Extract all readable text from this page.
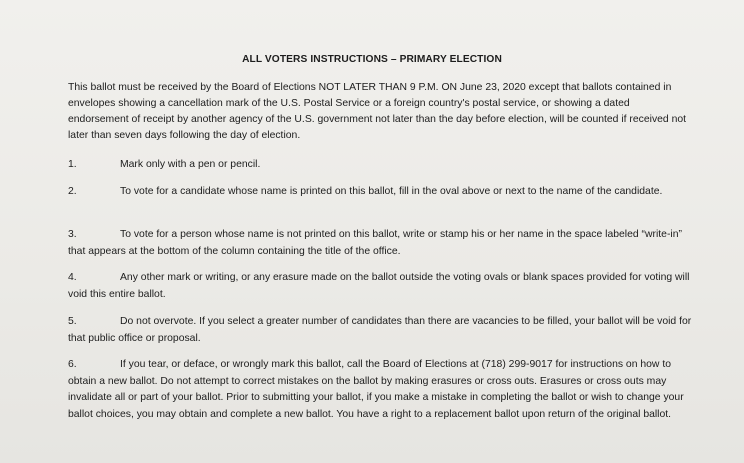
ALL VOTERS INSTRUCTIONS – PRIMARY ELECTION

This ballot must be received by the Board of Elections NOT LATER THAN 9 P.M. ON June 23, 2020 except that ballots contained in envelopes showing a cancellation mark of the U.S. Postal Service or a foreign country's postal service, or showing a dated endorsement of receipt by another agency of the U.S. government not later than the day before election, will be counted if received not later than seven days following the day of election.

1.	Mark only with a pen or pencil.

2.	To vote for a candidate whose name is printed on this ballot, fill in the oval above or next to the name of the candidate.

3.	To vote for a person whose name is not printed on this ballot, write or stamp his or her name in the space labeled “write-in” that appears at the bottom of the column containing the title of the office.

4.	Any other mark or writing, or any erasure made on the ballot outside the voting ovals or blank spaces provided for voting will void this entire ballot.

5.	Do not overvote. If you select a greater number of candidates than there are vacancies to be filled, your ballot will be void for that public office or proposal.

6.	If you tear, or deface, or wrongly mark this ballot, call the Board of Elections at (718) 299-9017 for instructions on how to obtain a new ballot. Do not attempt to correct mistakes on the ballot by making erasures or cross outs. Erasures or cross outs may invalidate all or part of your ballot. Prior to submitting your ballot, if you make a mistake in completing the ballot or wish to change your ballot choices, you may obtain and complete a new ballot. You have a right to a replacement ballot upon return of the original ballot.
